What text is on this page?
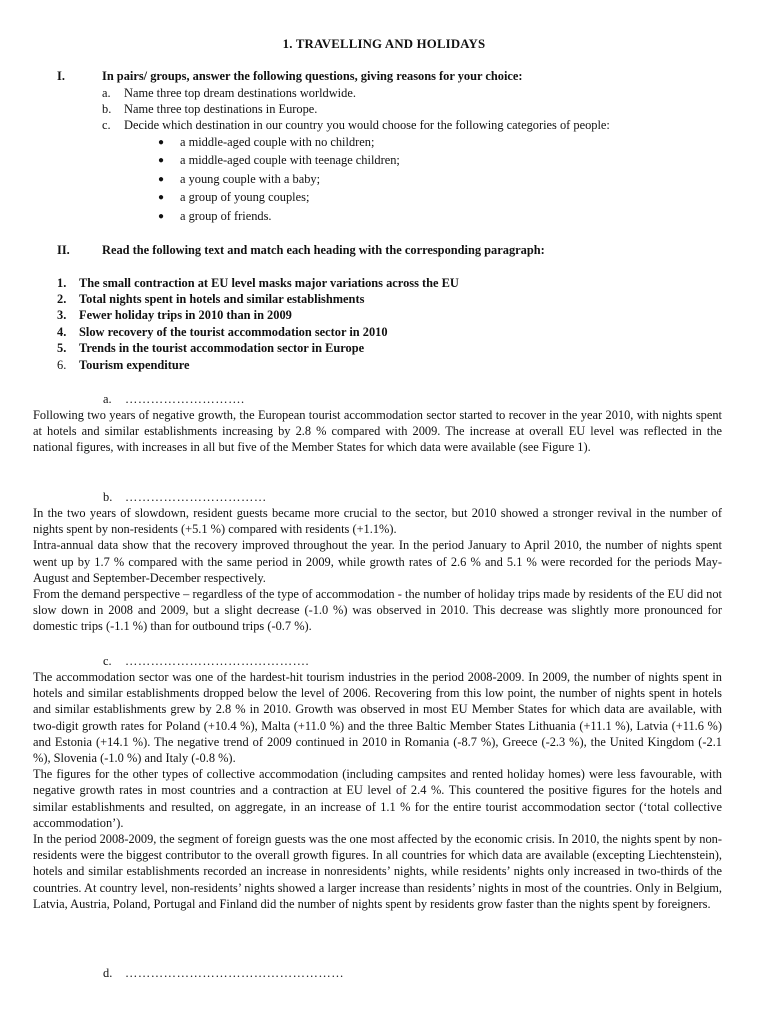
1. TRAVELLING AND HOLIDAYS
I.	In pairs/ groups, answer the following questions, giving reasons for your choice:
a. Name three top dream destinations worldwide.
b. Name three top destinations in Europe.
c. Decide which destination in our country you would choose for the following categories of people:
● a middle-aged couple with no children;
● a middle-aged couple with teenage children;
● a young couple with a baby;
● a group of young couples;
● a group of friends.
II.	Read the following text and match each heading with the corresponding paragraph:
1. The small contraction at EU level masks major variations across the EU
2. Total nights spent in hotels and similar establishments
3. Fewer holiday trips in 2010 than in 2009
4. Slow recovery of the tourist accommodation sector in 2010
5. Trends in the tourist accommodation sector in Europe
6. Tourism expenditure
a. ……………………….

Following two years of negative growth, the European tourist accommodation sector started to recover in the year 2010, with nights spent at hotels and similar establishments increasing by 2.8 % compared with 2009. The increase at overall EU level was reflected in the national figures, with increases in all but five of the Member States for which data were available (see Figure 1).

b. ……………………………

In the two years of slowdown, resident guests became more crucial to the sector, but 2010 showed a stronger revival in the number of nights spent by non-residents (+5.1 %) compared with residents (+1.1%).

Intra-annual data show that the recovery improved throughout the year. In the period January to April 2010, the number of nights spent went up by 1.7 % compared with the same period in 2009, while growth rates of 2.6 % and 5.1 % were recorded for the periods May-August and September-December respectively.

From the demand perspective – regardless of the type of accommodation - the number of holiday trips made by residents of the EU did not slow down in 2008 and 2009, but a slight decrease (-1.0 %) was observed in 2010. This decrease was slightly more pronounced for domestic trips (-1.1 %) than for outbound trips (-0.7 %).

c. …………………………………….

The accommodation sector was one of the hardest-hit tourism industries in the period 2008-2009. In 2009, the number of nights spent in hotels and similar establishments dropped below the level of 2006. Recovering from this low point, the number of nights spent in hotels and similar establishments grew by 2.8 % in 2010. Growth was observed in most EU Member States for which data are available, with two-digit growth rates for Poland (+10.4 %), Malta (+11.0 %) and the three Baltic Member States Lithuania (+11.1 %), Latvia (+11.6 %) and Estonia (+14.1 %). The negative trend of 2009 continued in 2010 in Romania (-8.7 %), Greece (-2.3 %), the United Kingdom (-2.1 %), Slovenia (-1.0 %) and Italy (-0.8 %).

The figures for the other types of collective accommodation (including campsites and rented holiday homes) were less favourable, with negative growth rates in most countries and a contraction at EU level of 2.4 %. This countered the positive figures for the hotels and similar establishments and resulted, on aggregate, in an increase of 1.1 % for the entire tourist accommodation sector (‘total collective accommodation’).

In the period 2008-2009, the segment of foreign guests was the one most affected by the economic crisis. In 2010, the nights spent by non-residents were the biggest contributor to the overall growth figures. In all countries for which data are available (excepting Liechtenstein), hotels and similar establishments recorded an increase in nonresidents’ nights, while residents’ nights only increased in two-thirds of the countries. At country level, non-residents’ nights showed a larger increase than residents’ nights in most of the countries. Only in Belgium, Latvia, Austria, Poland, Portugal and Finland did the number of nights spent by residents grow faster than the nights spent by foreigners.

d. ……………………………………………
